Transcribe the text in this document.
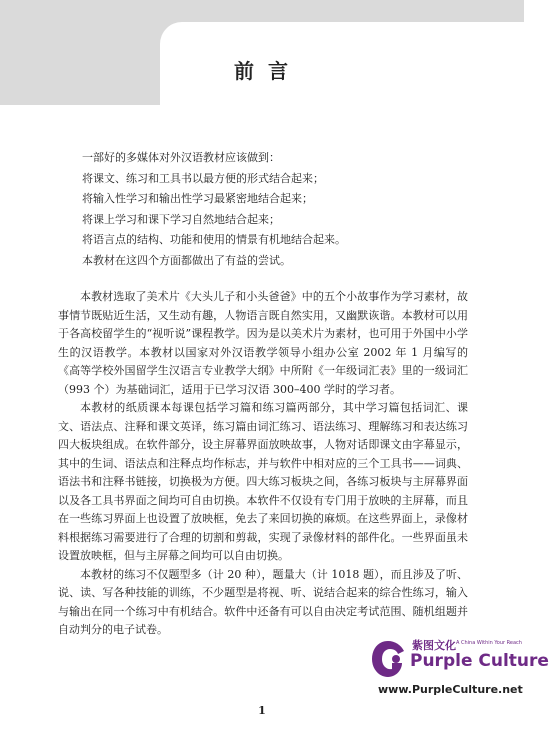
前言

一部好的多媒体对外汉语教材应该做到：

将课文、练习和工具书以最方便的形式结合起来；

将输入性学习和输出性学习最紧密地结合起来；

将课上学习和课下学习自然地结合起来；

将语言点的结构、功能和使用的情景有机地结合起来。

本教材在这四个方面都做出了有益的尝试。

本教材选取了美术片《大头儿子和小头爸爸》中的五个小故事作为学习素材，故事情节既贴近生活，又生动有趣，人物语言既自然实用，又幽默诙谐。本教材可以用于各高校留学生的“视听说”课程教学。因为是以美术片为素材，也可用于外国中小学生的汉语教学。本教材以国家对外汉语教学领导小组办公室 2002 年 1 月编写的《高等学校外国留学生汉语言专业教学大纲》中所附《一年级词汇表》里的一级词汇（993 个）为基础词汇，适用于已学习汉语 300–400 学时的学习者。

本教材的纸质课本每课包括学习篇和练习篇两部分，其中学习篇包括词汇、课文、语法点、注释和课文英译，练习篇由词汇练习、语法练习、理解练习和表达练习四大板块组成。在软件部分，设主屏幕界面放映故事，人物对话即课文由字幕显示，其中的生词、语法点和注释点均作标志，并与软件中相对应的三个工具书——词典、语法书和注释书链接，切换极为方便。四大练习板块之间，各练习板块与主屏幕界面以及各工具书界面之间均可自由切换。本软件不仅设有专门用于放映的主屏幕，而且在一些练习界面上也设置了放映框，免去了来回切换的麻烦。在这些界面上，录像材料根据练习需要进行了合理的切割和剪裁，实现了录像材料的部件化。一些界面虽未设置放映框，但与主屏幕之间均可以自由切换。

本教材的练习不仅题型多（计 20 种），题量大（计 1018 题），而且涉及了听、说、读、写各种技能的训练，不少题型是将视、听、说结合起来的综合性练习，输入与输出在同一个练习中有机结合。软件中还备有可以自由决定考试范围、随机组题并自动判分的电子试卷。

紫图文化 A China Within Your Reach
Purple Culture
www.PurpleCulture.net
1
